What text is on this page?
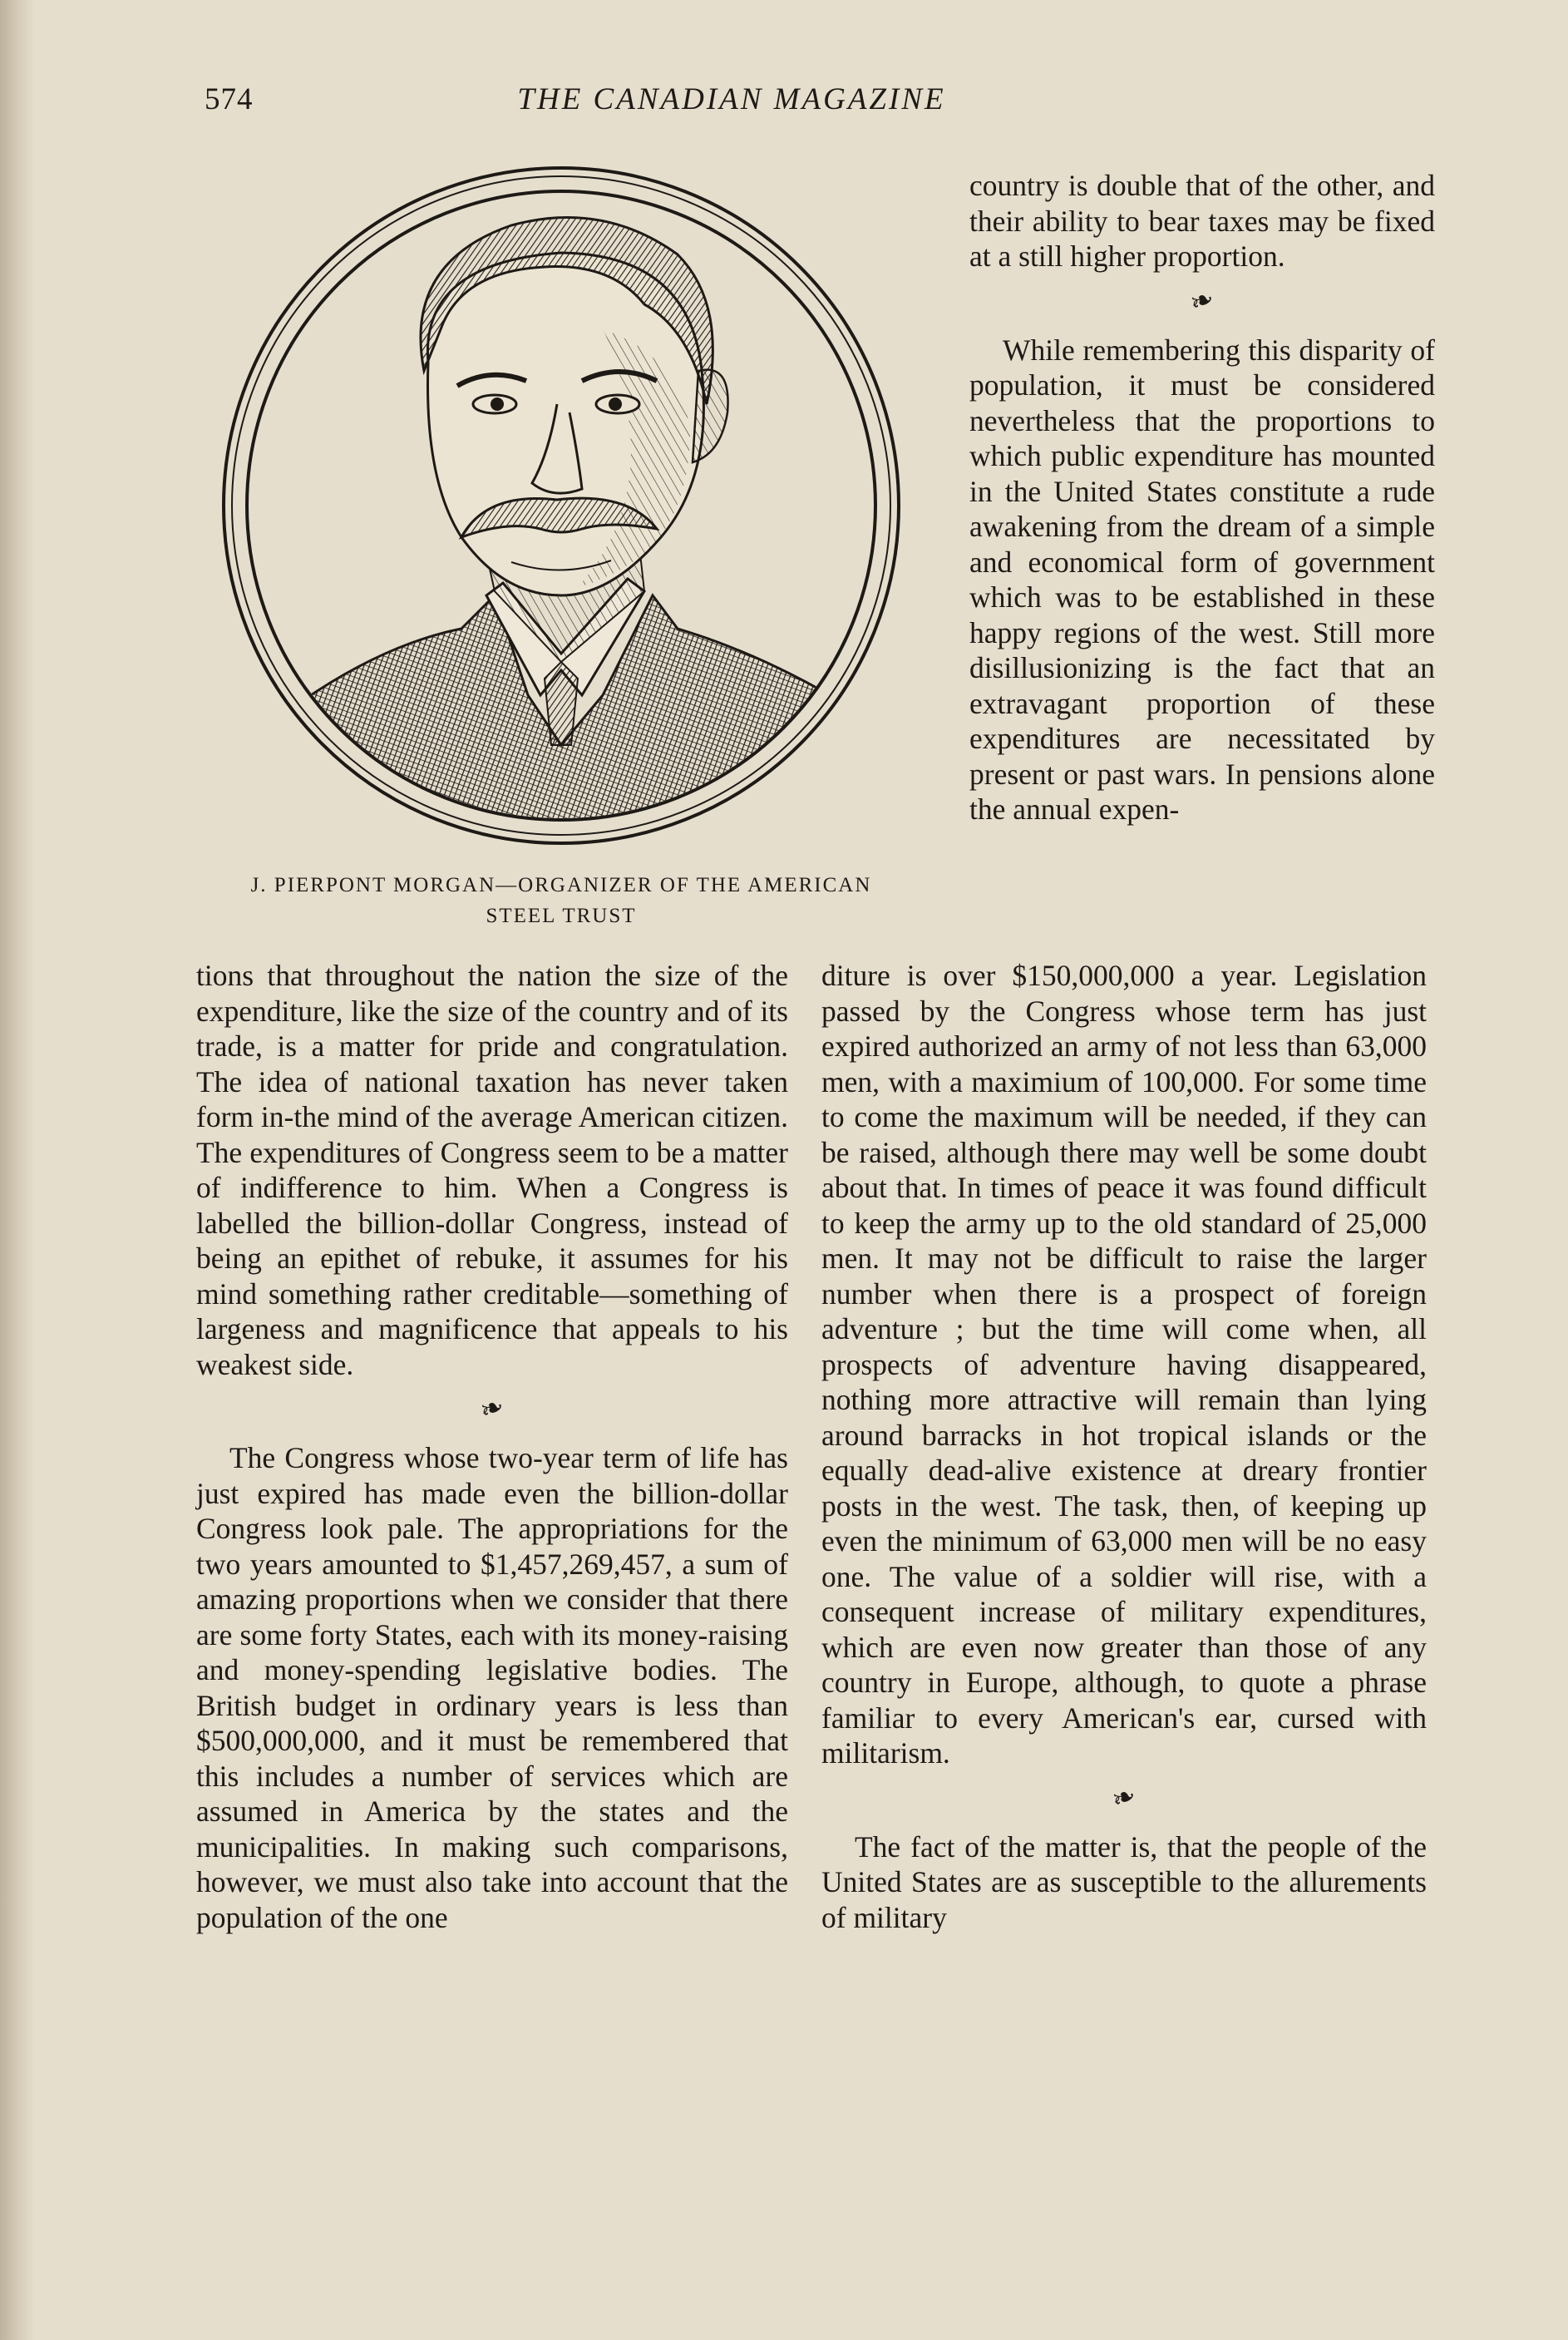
574	THE CANADIAN MAGAZINE
J. PIERPONT MORGAN—ORGANIZER OF THE AMERICAN
STEEL TRUST

country is double that of the other, and their ability to bear taxes may be fixed at a still higher proportion.

❧

While remembering this disparity of population, it must be considered nevertheless that the proportions to which public expenditure has mounted in the United States constitute a rude awakening from the dream of a simple and economical form of government which was to be established in these happy regions of the west. Still more disillusionizing is the fact that an extravagant proportion of these expenditures are necessitated by present or past wars. In pensions alone the annual expen-

tions that throughout the nation the size of the expenditure, like the size of the country and of its trade, is a matter for pride and congratulation. The idea of national taxation has never taken form in-the mind of the average American citizen. The expenditures of Congress seem to be a matter of indifference to him. When a Congress is labelled the billion-dollar Congress, instead of being an epithet of rebuke, it assumes for his mind something rather creditable—something of largeness and magnificence that appeals to his weakest side.

❧

The Congress whose two-year term of life has just expired has made even the billion-dollar Congress look pale. The appropriations for the two years amounted to $1,457,269,457, a sum of amazing proportions when we consider that there are some forty States, each with its money-raising and money-spending legislative bodies. The British budget in ordinary years is less than $500,000,000, and it must be remembered that this includes a number of services which are assumed in America by the states and the municipalities. In making such comparisons, however, we must also take into account that the population of the one

diture is over $150,000,000 a year. Legislation passed by the Congress whose term has just expired authorized an army of not less than 63,000 men, with a maximium of 100,000. For some time to come the maximum will be needed, if they can be raised, although there may well be some doubt about that. In times of peace it was found difficult to keep the army up to the old standard of 25,000 men. It may not be difficult to raise the larger number when there is a prospect of foreign adventure ; but the time will come when, all prospects of adventure having disappeared, nothing more attractive will remain than lying around barracks in hot tropical islands or the equally dead-alive existence at dreary frontier posts in the west. The task, then, of keeping up even the minimum of 63,000 men will be no easy one. The value of a soldier will rise, with a consequent increase of military expenditures, which are even now greater than those of any country in Europe, although, to quote a phrase familiar to every American's ear, cursed with militarism.

❧

The fact of the matter is, that the people of the United States are as susceptible to the allurements of military
